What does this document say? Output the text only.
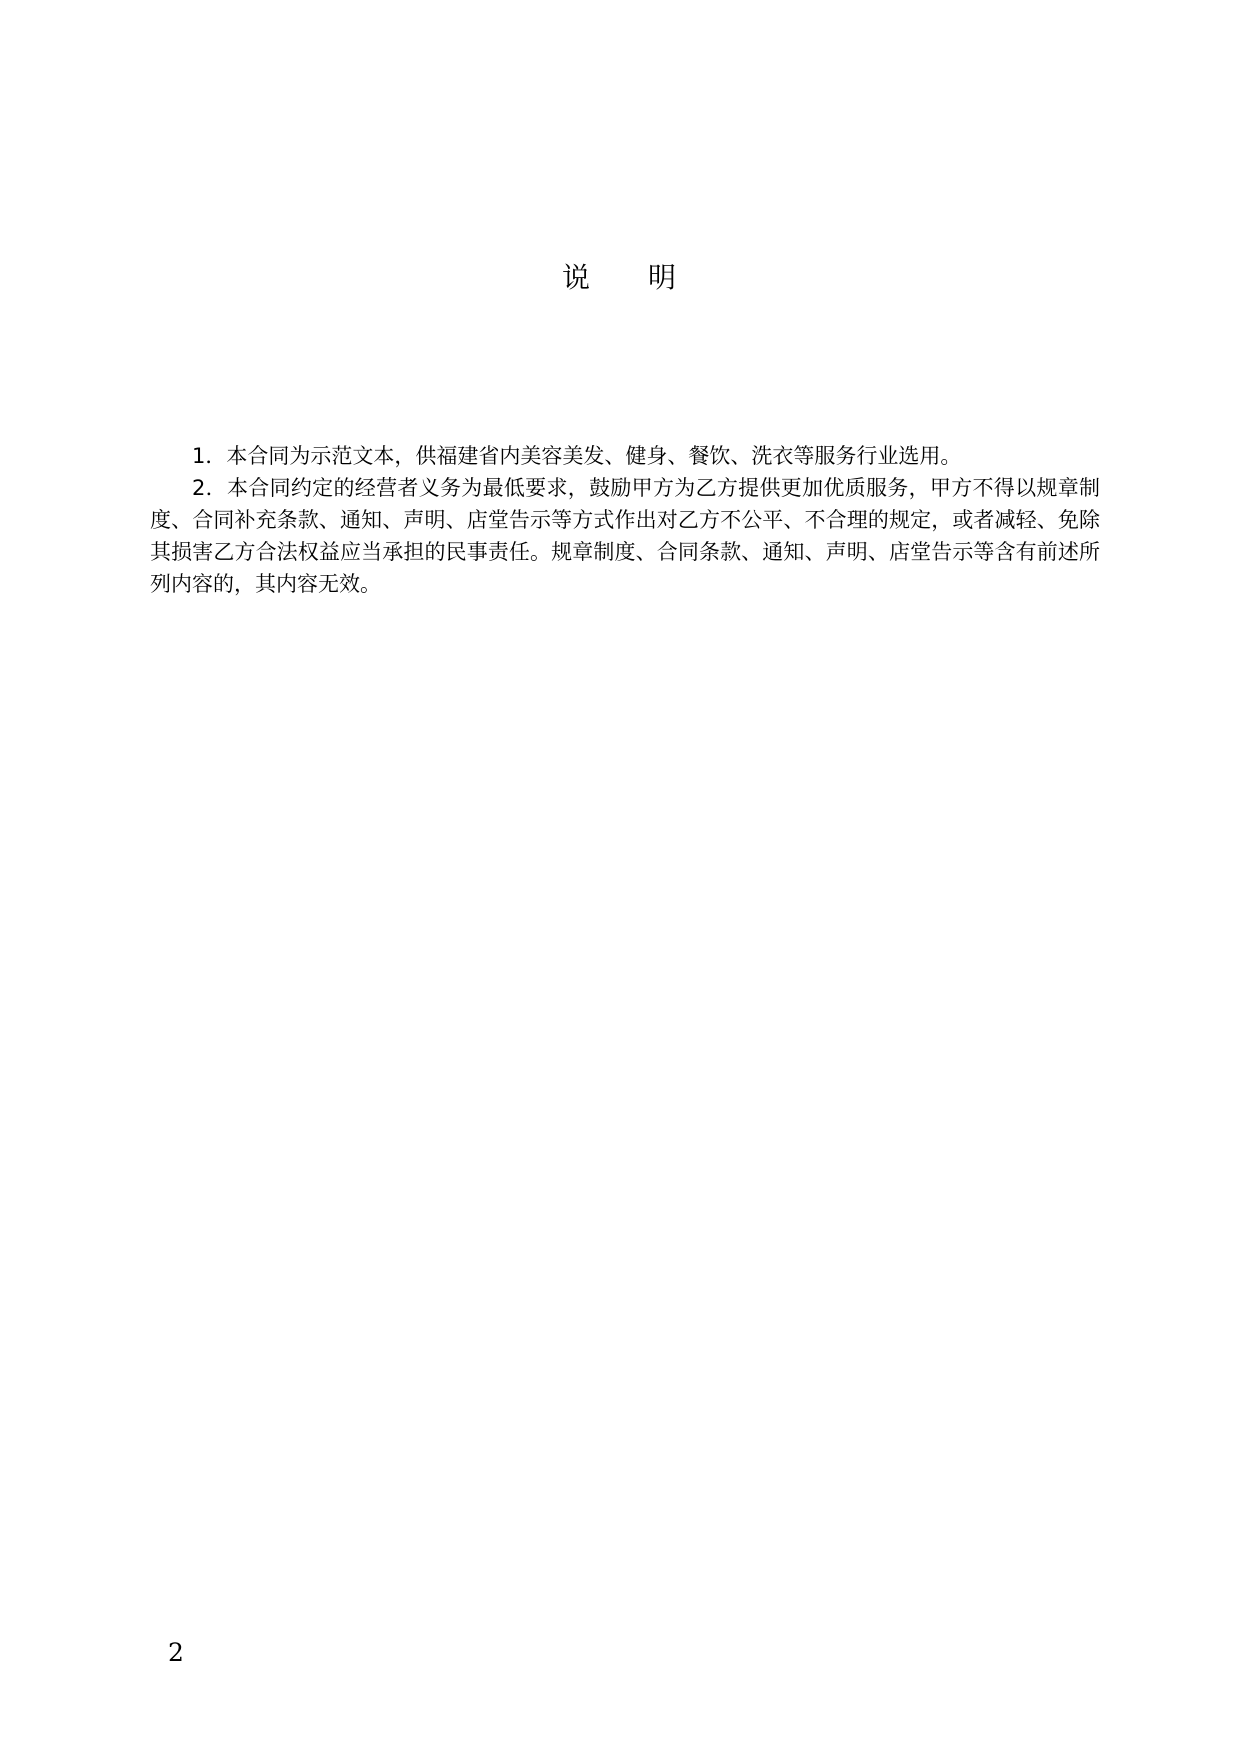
说 明

1．本合同为示范文本，供福建省内美容美发、健身、餐饮、洗衣等服务行业选用。

2．本合同约定的经营者义务为最低要求，鼓励甲方为乙方提供更加优质服务，甲方不得以规章制度、合同补充条款、通知、声明、店堂告示等方式作出对乙方不公平、不合理的规定，或者减轻、免除其损害乙方合法权益应当承担的民事责任。规章制度、合同条款、通知、声明、店堂告示等含有前述所列内容的，其内容无效。

2
